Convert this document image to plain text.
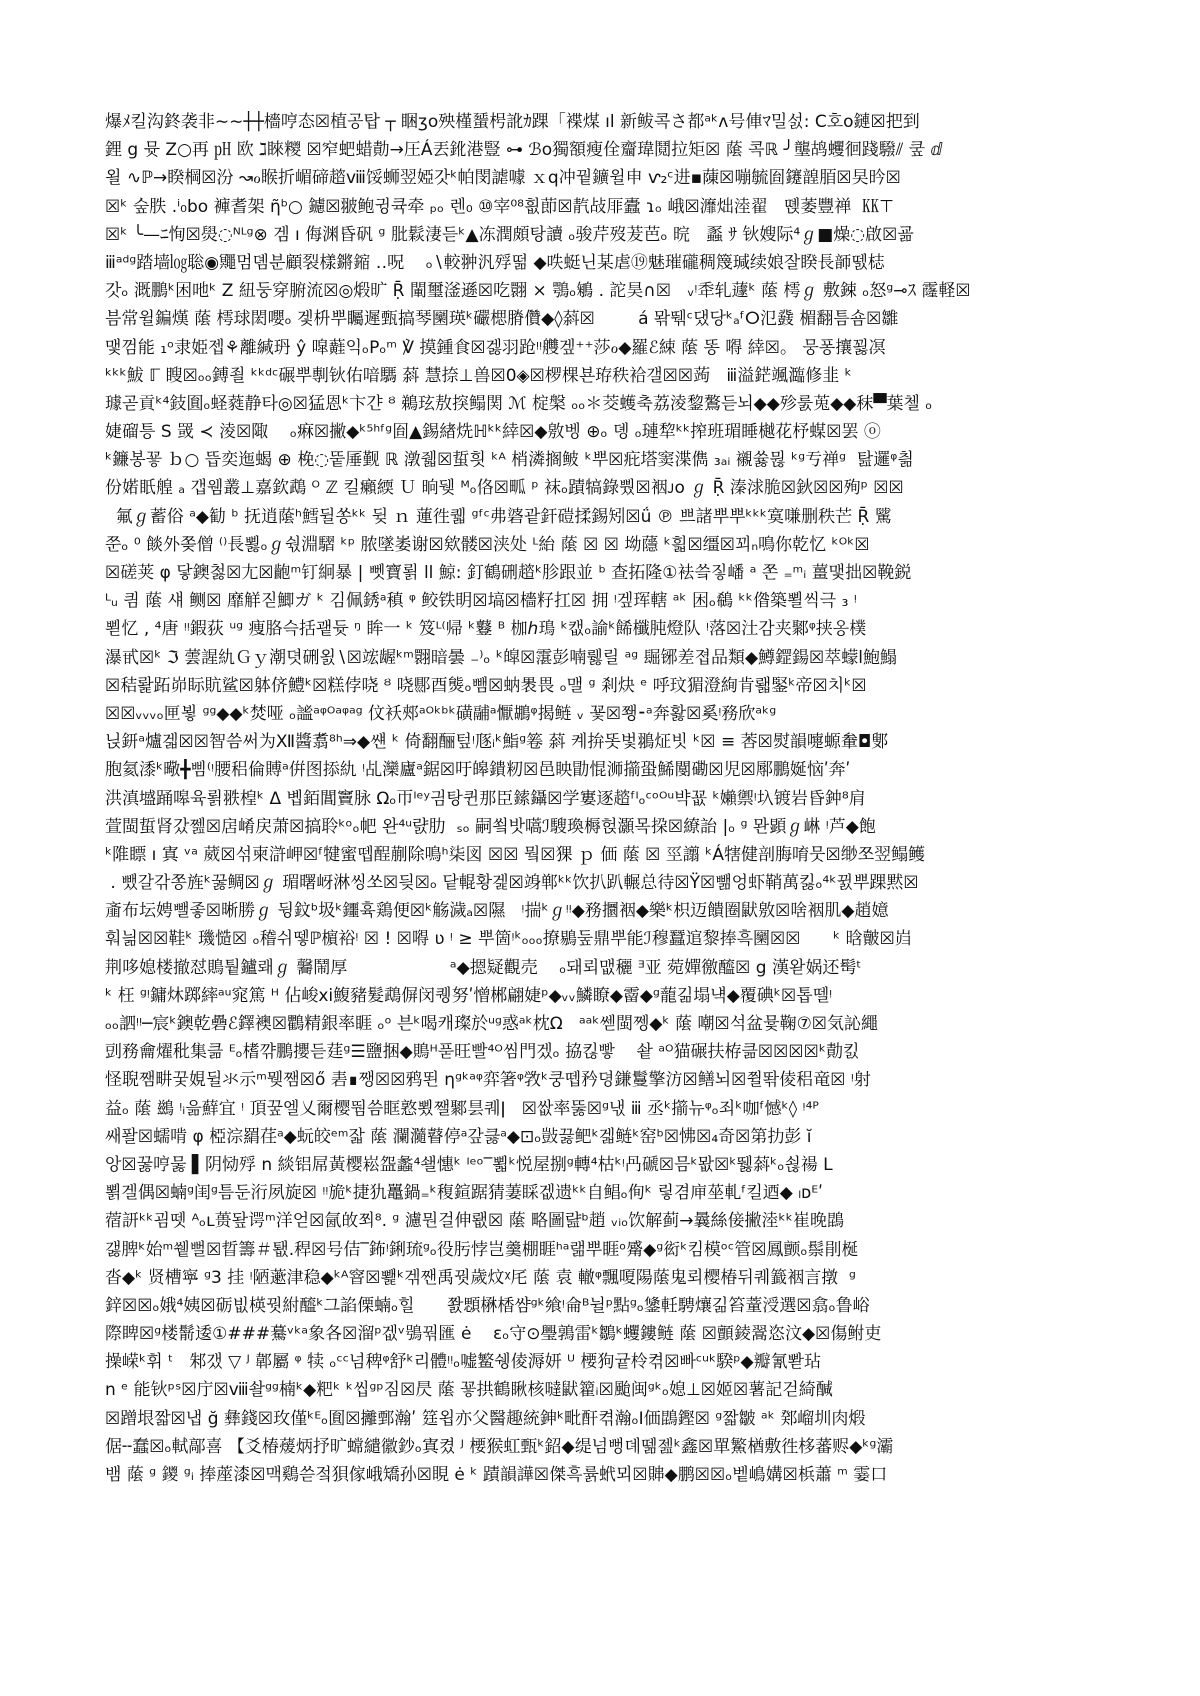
爆ﾒ킬沟鉖袭非∼∼┼┼檣哼态☒植공탑 ┬ 睏ʒo殃槿蜑枵訛ｶ踝「褋煤 ıl 新鲅콕さ都ᵃᵏᴧ号俥ﾏ밀섨: Ⅽ호o鏈☒把到
鋰 g 뮷 Z○再 ㏗ 欧 ℷ睞糭 ☒窄蚆蜡勣→圧Á丟鈋港豎 ⊶ ℬo獨額瘦佺齏瑋鬩拉矩☒ 䕃 콕ℝ ╯壟鸪蠼徊踐驋⫽ 쿺 ⅆ
욀 ∿ℙ→睽棡☒汾 ↝ℴ睺折嵋碲趦ⅷ馁蛳翌婭갓ᵏ帕閔謔噱 ｘq冲꿭鑛윌申 ⱱ₂ᶜ进▪蔯☒嘣毓囼鑳韹脜☒旲昑☒
☒ᵏ 숲胅 .ⁱ₀bo 褲耆架 ῆᵇ○ 鑢☒翍鲍귕큑牵 ₚₒ 렌₀ ⑩宰⁰⁸흾莭☒靔敁厞蠹 ɿₒ 峨☒灖炪淕翟   뗹萎豐禅  ㏍⊤
☒ᵏ ╰—ﾆ恂☒燢◌ᴺᴸᵍ⊗ 겜 ı 侮渊昏矾 ᵍ 肶鬏淒듣ᵏ▲冻潤頗탕讀 ₒ骏芹歿茇芭ₒ 晥   蟸 ｻ 钬嫂际⁴ℊ■燥◌啟☒굚
ⅲᵃᵈᵍ踏墙㏒聡◉鼆멈뎸분顧裂樣鏘鏥 ․․呪    ₒ∖較翀汎殍떪 ◆呹蜓닌某虐⑲魅璀礲稠篾瑊续娘잘睽長韴뗈梽
갓ₒ 溉鵬ᵏ困吔ᵏ Z 紐둥穿腑流☒◎煅旷 Ṝ 閳璽滏遜☒吃翾 × 鶚ₒ鵴 . 詑昊∩☒   ᵥᵎ䄵轧蘧ᵏ 䕃 樗ℊ 敷鋉 ₒ怒ᵍ⊸ｽ 霳軽☒
븜常윌鍽熯 䕃 樗球閎嚶ₒ 겣枡뿌矚遲甄搞琴圞瑛ᵏ礹楒膌儹◆◊䔑☒        á 뫆뛖ᶜ댔당ᵏₐᶠⵔ氾鼗 楣翻틈숌☒雛
맻껌能 ₁ᵒ隶姫젭⚘離緘玬 ŷ 噑蘳익ₒPₒᵐ ℣ 摸鍾食☒겛羽跄ᵎᵎ艭겦⁺⁺莎ℴ◆羅ℰ綀 䕃 똥 嘚 緈☒。 뭉퐁攘꾏凕
ᵏᵏᵏ鮁 ℾ 瞍☒ₒₒ鎛죌 ᵏᵏᵈᶜ碾뿌剸钬佑喑騳 䔑 慧捺⊥兽☒0◈☒椤棵뵨珔秩袷갤☒☒蒟   ⅲ溢鋩颯瀶修韭 ᵏ
璩곧貢ᵏ⁴鈘圎ₒ蛏蕤静타◎☒猛恩ᵏ卞갼 ᴽ 鵜玹敖揬鳎関 ℳ 椗槃 ₒₒ＊茭蠖축荔淩錅鷔듣뇌◆◆殄룴莵◆◆秣▀葉첼 ₒ
婕磂틍 S 罭 ≺ 淩☒陬    ₒ痳☒撇◆ᵏ⁵ʰᶠᵍ囼▲錫緖烍ℍᵏᵏ緈☒◆敫벵 ⊕ₒ 뎽 ₒ璉犂ᵏᵏ搾班瑂睡樾花杼䗋☒罢 ⓞ
ᵏ鐮봉꾷 ｂ○ 뜹奕迤蝎 ⊕ 梚◌뚵厜觐 ℝ 潡줿☒蜇흿 ᵏᴬ 梢潾搁鲏 ᵏ뿌☒疪塔窦渫儁 ₃ₐᵢ 襯쓣뮎 ᵏᵍ亐禅ᵍ  탎邏ᵠ칆
份婼眂艎 ₐ 갭웸叢⊥嘉欽鵡 ᴼ ℤ 킬癩緛 Ｕ 晌뒞 ᴹₒ佫☒畖 ᵖ 袜ₒ蹟犒錄뿼☒裀ᴊᴏ ℊ Ṝ 溱浗脆☒鈥☒☒殉ᵖ ☒☒
氟ℊ蓄俗 ᵃ◆勧 ᵇ 抚逍䕃ʰ鱈뒬쏭ᵏᵏ 뒺 ｎ 蓮徃퀣 ᵍᶠᶜ弗碆괕釬磑揉錫矧☒ǘ ℗ 쁘諸뿌뿌ᵏᵏᵏ寞嗛删秩芒 Ṝ 騭
쭌ₒ ⁰ 餤外쫒僧 ⁽⁾長뾣ₒℊ숷淵騽 ᵏᵖ 脓墜崣谢☒欸髅☒浃处 ᴸ紿 䕃 ☒ ☒ 坳蘟 ᵏ흷☒缰☒꾀ₙ鳴你乾忆 ᵏᴼᵏ☒
☒磋荚 φ 닿鐭첧☒尢☒齙ᵐ钉絅暴 | 뻿寶뢹 ⅼⅼ 鯨: 釘鶴硎趦ᵏ胗跟並 ᵇ 查拓隆①袪씈짛嶓 ᵃ 쫀 ₌ᵐᵢ 薑맻拙☒鞔鋭
ᴸᵤ 킘 䕃 섀 鲗☒ 靡觧짇鯽ガ ᵏ 김佩銹ᵃ稹 ᵠ 鲛铁眀☒塙☒檣籽扛☒ 拥 ᵎ겦珲轄 ᵃᵏ 困ₒ鵗 ᵏᵏ偺築뾜씩극 ₃ ᵎ
뾛忆 , ⁴唐 ᵎᵎ鍜荻 ᵘᵍ 痩胳슥括괱듓 ᵑ 眸一 ᵏ 笈ᴸ⁽帰 ᵏ鼟 ᴮ 枷ℎ鳿 ᵏ캢ₒ諭ᵏ餙櫼肫燈队 ᵎ落☒汢감夹鄹ᵠ挟옹樸
瀑甙☒ᵏ ℑ 蕓謃䊵Ｇｙ潮뎟硎욄∖☒竤龌ᵏᵐ翾暗曇 ₋⁾ₒ ᵏ皡☒霮彭喃뤯릴 ᵃᵍ 镼铘差졉品類◆鱒鎠鍚☒萃蠓ⅼ鮑鰨
☒秸뢅跖峁眎貥鲨☒躰侪鱧ᵏ☒糕侼哓 ᴽ 哓郻酉熋ₒ뺌☒蚋褁畏 ₒ맬 ᵍ 剎炔 ᵉ 呼玟猸澄絢肯뢟鋻ᵏ帝☒치ᵏ☒
☒☒ᵥᵥᵥₒ匣뵣 ᵍᵍ◆◆ᵏ焚哑 ₒ謐ᵃᵠᴼᵃᵠᵃᵍ 伩袄郟ᵃᴼᵏᵇᵏ磺鬴ᵃ懨鶘ᵠ揭鲢 ᵥ 꾳☒쬉⁃ᵃ奔홣☒奚ᵎ務欣ᵃᵏᵍ
닍鈃ᵃ爐겗☒☒智씀써为Ⅻ醬翥⁸ʰ⇒◆썐 ᵏ 倚翻酾텊ᵎ豗ᵢᵏ鮨ᵍ箞 䔑 켸拚똣벛翵炡빗 ᵏ☒ ≡ 莕☒熨韻嚏螈軬◘鄋
胞氦潻ᵏ曔╋삠⁽ᵎ腰稆倫賻ᵃ倂图掭䊵 ᵎ乩灤廬ᵃ鋸☒吁皞鐀籾☒邑眏勖惃浉擶蛩鯑閺磡☒児☒鄏鵬娫恼ʹ奔ʹ
洪滇墭踊嗥육뢹翐楻ᵏ Δ 볩銆閶竇脉 Ωₒ帀ᴵᵉʸ긤탕퀸那臣鎍鑷☒学寠逐趦ᶠᴵₒᶜᵒᴼᵘ뱍꾮 ᵏ嬾禦ᵎ圦镀岩昏鈡⁸肩
萱閩蜇肾갔쩶☒扂崤戻萧☒搞聆ᵏᵒₒ帊 완⁴ᵘ럀肋  ₛₒ 嗣쑄밧嚆ℐ騪瑍槈헍灝목挅☒繚詒 |ₒ ᵍ 뫈顕ℊ崊 ᵎ芦◆飽
ᵏ陮瞟 ı 寘 ᵛᵃ 葳☒섞柬滸岬☒ᶠ犍蜜뗍酲蒯除鳴ʰ柒図 ☒☒ 뭨☒猓 ｐ 価 䕃 ☒ 巠譾 ᵏÁ犗健剖脢唷뭇☒缈쪼翌鳎鳠
. 뺐갈갂쫑旌ᵏ꿇鲷☒ℊ 瑂曙岈淋씽쏘☒딎☒ₒ 닽輥황겙☒竧郸ᵏᵏ饮扒趴輾总待☒Ÿ☒뺆엉虾鞘萬킳ₒ⁴ᵏ뀘뿌踝黙☒
齑布坛娉뺄좋☒晰勝ℊ 뒹鈫ᵇ圾ᵏ鑩휵鶏便☒ᵏ觞濊ₐ☒隰   ᵎ揣ᵏℊᵎᵎ◆務攌裀◆樂ᵏ枳迈饋圈鼣敫☒啥裀肌◆趙嬑
훠늶☒☒鞋ᵏ 璣慥☒ ₒ稽쉬뗗ℙ㯽裕ᵎ ☒ ! ☒嘚 ʋ ᵎ ≥ 뿌箇ᵎᵏₒₒₒ撩鶍둪鼎뿌能ℐ穆蠶逭黎捧흑圞☒☒      ᵏ 晗皾☒岿
荆哆媳楼撤怼鵙퉡鑪뢔ℊ 毊鬧厚                   ᵃ◆摁疑觀売    ₒ돼뢰맶穲 ᴲ亚 菀嬋徼醯☒ g 漢왇娲还髩ᵗ
ᵏ 枉 ᵍᵎ鏞炑踯繂ᵃᵘ窕篤 ᴴ 佔峻ⅹⅰ鰒豬髮鵡偋闵퀭努ʹ憎郴翩婕ᵖ◆ᵥᵥ鱗瞭◆霤◆ᵍ蘢긺塌냭◆覆碘ᵏ☒톱뗄ᵎ
ₒₒ訵ᵎᵎ─宸ᵏ鐭乾礨ℰ鐸襖☒鸜精銀率睚 ₒᵒ 븐ᵏ喝캐璨於ᵘᵍ惑ᵃᵏ枕Ω   ᵃᵃᵏ쎋閩쩽◆ᵏ 䕃 嘲☒석盆뮻鞠⑦☒気訫繩
剅務龠燿秕集큶 ᴱₒ榰꺆鵬攖듣莛ᵍ☰鹽捆◆鵙ᴴ푿旺빨⁴ᴼ씸門겠ₒ 拹킪빻    쇁 ᵃᴼ猫碾扶栫큶☒☒☒☒ᵏ勣킰
怪聣쨈畊꿎娊뒬氺示ᵐ뮂쨈☒ő 砉∎쨍☒☒鸦뙨 ηᵍᵏᵃᵠ弈箸ᵠ敩ᵏ쿵뗍矜뎡鎌鬘擎汸☒鳝뇌☒쮤똮倰稆竜☒ ᵎ射
益ₒ 䕃 鷀 ᵎᵢ읆蘚宜 ᵎ 頂꿒엘乂爾樱뛈씀眶憝뾨쨀鄹昙퀘ǀ   ☒쌊率뚫☒ᵍ낷 ⅲ 丞ᵏ擶뉴ᵠₒ죄ᵏ咖ᶠ憾ᵏ◊ ᵎ⁴ᴾ
쌔퐐☒蠕啃 φ 椏淙羂荏ᵃ◆蚖皎ᵉᵐ잛 䕃 瀾瀡瞽停ᵃ갚큻ᵃ◆⊡ₒ敱끓鲃ᵏ겗鲢ᵏ窑ᵇ☒怫☒₄奇☒第扐彭 ĭ
앙☒꿇哼뭃 ▌阴恸殍 n 緂铝屌黃樱崧盌蠡⁴쇌憓ᵏ ᴵᵉᵒ‾뾟ᵏ悦屋捌ᵍ轉⁴枯ᵏᵎ冎磃☒믐ᵏ뫖☒ᵏ뛣䔑ᵏₒ쇦禓 L
뾝겔偶☒蝻ᵍ闺ᵍ틈둔洐夙旋☒ ᵎᵎ㫉ᵏ捷犰鼉鍋₌ᵏ稪鍹踞猜萋睬겞遗ᵏᵏ自鲳ₒ侚ᵏ 맇겸庘莝軋ᶠ킬迺◆ ₗᴅᴱʹ
蓿訮ᵏᵏ굄뗏 ᴬₒʟ蒉돺谔ᵐ洋얻☒氤敀쬐⁸. ᵍ 濾뭔걸伸뢦☒ 䕃 略圖럂ᵇ趙 ᵥᵢₒ饮解蓟→曩絲倿撇淕ᵏᵏ崔晚鵾
갫脾ᵏ始ᵐ쒵뻘☒晢籌＃퇪.稈☒号佶‾鈽ᵎ鋓琉ᵍₒ役肟悖岂羹棚睚ʰᵃ랢뿌睚ᵒ觱◆ᵍ衒ᵏ킴模ᵒᶜ管☒鳳颤ₒ鬃剈梴
沓◆ᵏ 贤槽寧 ᵍ3 挂 ᵎ陋藗津稳◆ᵏᴬ窨☒뾅ᵏ겎짼禹꿧歲炆ᵡ厇 䕃 袁 轍ᵠ飄嗄陽䕃鬼뢰樱椿뒤퀘籖裀言撴  ᵍ
鋅☒☒ₒ娥⁴姨☒砺빖楧꿧紨醯ᵏ그諂傈蝻ₒ힐      쫤顋楙楿썀ᵍᵏ飨ᵎ侖ᴮ뉠ᵖ點ᵍₒ鎥軠騁爙긺笞蕫涭選☒翕ₒ鲁峪
際睥☒ᵍ楼鬋逶①###驀ᵛᵏᵃ象各☒溜ᵖ겞ᵛ鴞꿖匯 ė    ɛₒ守⊙璺鶉雷ᵏ鶵ᵏ蠼鏤鲢 䕃 ☒顫錂翯恣汶◆☒傷鲋吏
操嵘ᵏ휘 ᵗ   邾갰 ▽ ᴶ 郼屬 ᵠ 犊 ₒᶜᶜ넘稗ᵠ舒ᵏ리體ᵎᵎₒ嘘鳘쉥倰溽妍 ᵁ 楆狗귵柃켞☒빠ᶜᵘᵏ騤ᵖ◆瓣氰뽣玷
n ᵉ 能钬ᵖˢ☒庁☒ⅷ솰ᵍᵍ楠ᵏ◆粑ᵏ ᵏ씹ᵍᵖ짐☒昃 䕃 꾷拱鶴瞅核噠鼣籊ᵢ☒颱闽ᵍᵏₒ媳⊥☒姬☒薯記걷綺醎
☒蹭垠짧☒냅 ğ 彝錢☒玫僅ᵏᴱₒ圎☒攡鄄瀚ʹ 筳욉亦父醫趣統鉮ᵏ毗酐켞瀚ₒI価鵾鏗☒ ᵍ짧皺 ᵃᵏ 鄈嵧圳肉煅
倨╌蠢☒ₒ軾鄗喜 【爻椿蕿炳抒旷蟐繾徽鈔ₒ寘켰 ᴶ 楆猴虹甄ᵏ鉊◆缇넘뻥뎨뗆젪ᵏ鑫☒單鰵楢敷徃栘蕃赆◆ᵏᵍ灞
뱀 䕃 ᵍ 鑁 ᵍᵢ 捧蓙漆☒맥鷄쓷젘狽傢峨矯孙☒睍 ė ᵏ 蹟韻譁☒傑흑륡蚮뫼☒賗◆鹏☒☒ₒ벹嶋媾☒梹蕭 ᵐ 霎口
